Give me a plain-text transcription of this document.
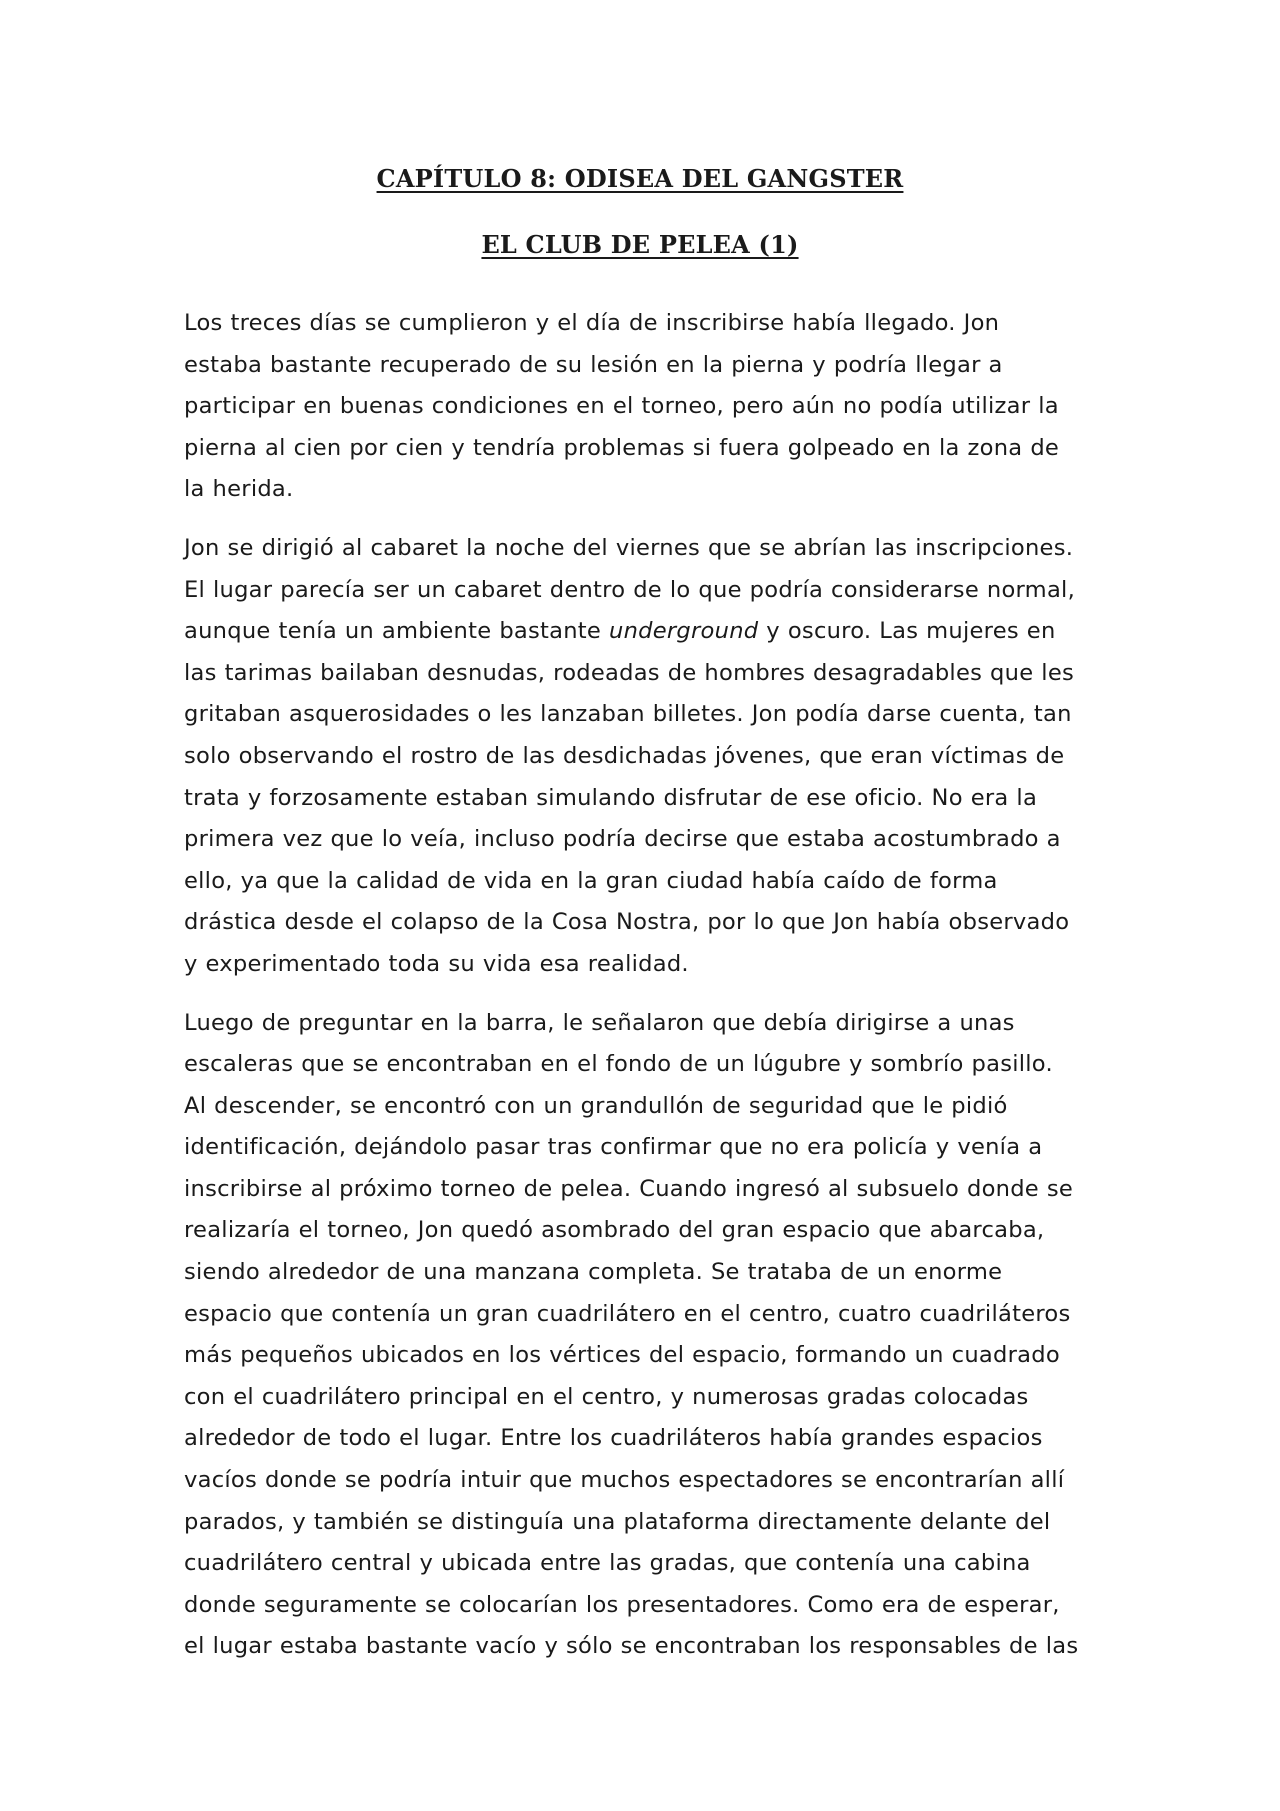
CAPÍTULO 8: ODISEA DEL GANGSTER
EL CLUB DE PELEA (1)

Los treces días se cumplieron y el día de inscribirse había llegado. Jon
estaba bastante recuperado de su lesión en la pierna y podría llegar a
participar en buenas condiciones en el torneo, pero aún no podía utilizar la
pierna al cien por cien y tendría problemas si fuera golpeado en la zona de
la herida.

Jon se dirigió al cabaret la noche del viernes que se abrían las inscripciones.
El lugar parecía ser un cabaret dentro de lo que podría considerarse normal,
aunque tenía un ambiente bastante underground y oscuro. Las mujeres en
las tarimas bailaban desnudas, rodeadas de hombres desagradables que les
gritaban asquerosidades o les lanzaban billetes. Jon podía darse cuenta, tan
solo observando el rostro de las desdichadas jóvenes, que eran víctimas de
trata y forzosamente estaban simulando disfrutar de ese oficio. No era la
primera vez que lo veía, incluso podría decirse que estaba acostumbrado a
ello, ya que la calidad de vida en la gran ciudad había caído de forma
drástica desde el colapso de la Cosa Nostra, por lo que Jon había observado
y experimentado toda su vida esa realidad.

Luego de preguntar en la barra, le señalaron que debía dirigirse a unas
escaleras que se encontraban en el fondo de un lúgubre y sombrío pasillo.
Al descender, se encontró con un grandullón de seguridad que le pidió
identificación, dejándolo pasar tras confirmar que no era policía y venía a
inscribirse al próximo torneo de pelea. Cuando ingresó al subsuelo donde se
realizaría el torneo, Jon quedó asombrado del gran espacio que abarcaba,
siendo alrededor de una manzana completa. Se trataba de un enorme
espacio que contenía un gran cuadrilátero en el centro, cuatro cuadriláteros
más pequeños ubicados en los vértices del espacio, formando un cuadrado
con el cuadrilátero principal en el centro, y numerosas gradas colocadas
alrededor de todo el lugar. Entre los cuadriláteros había grandes espacios
vacíos donde se podría intuir que muchos espectadores se encontrarían allí
parados, y también se distinguía una plataforma directamente delante del
cuadrilátero central y ubicada entre las gradas, que contenía una cabina
donde seguramente se colocarían los presentadores. Como era de esperar,
el lugar estaba bastante vacío y sólo se encontraban los responsables de las
